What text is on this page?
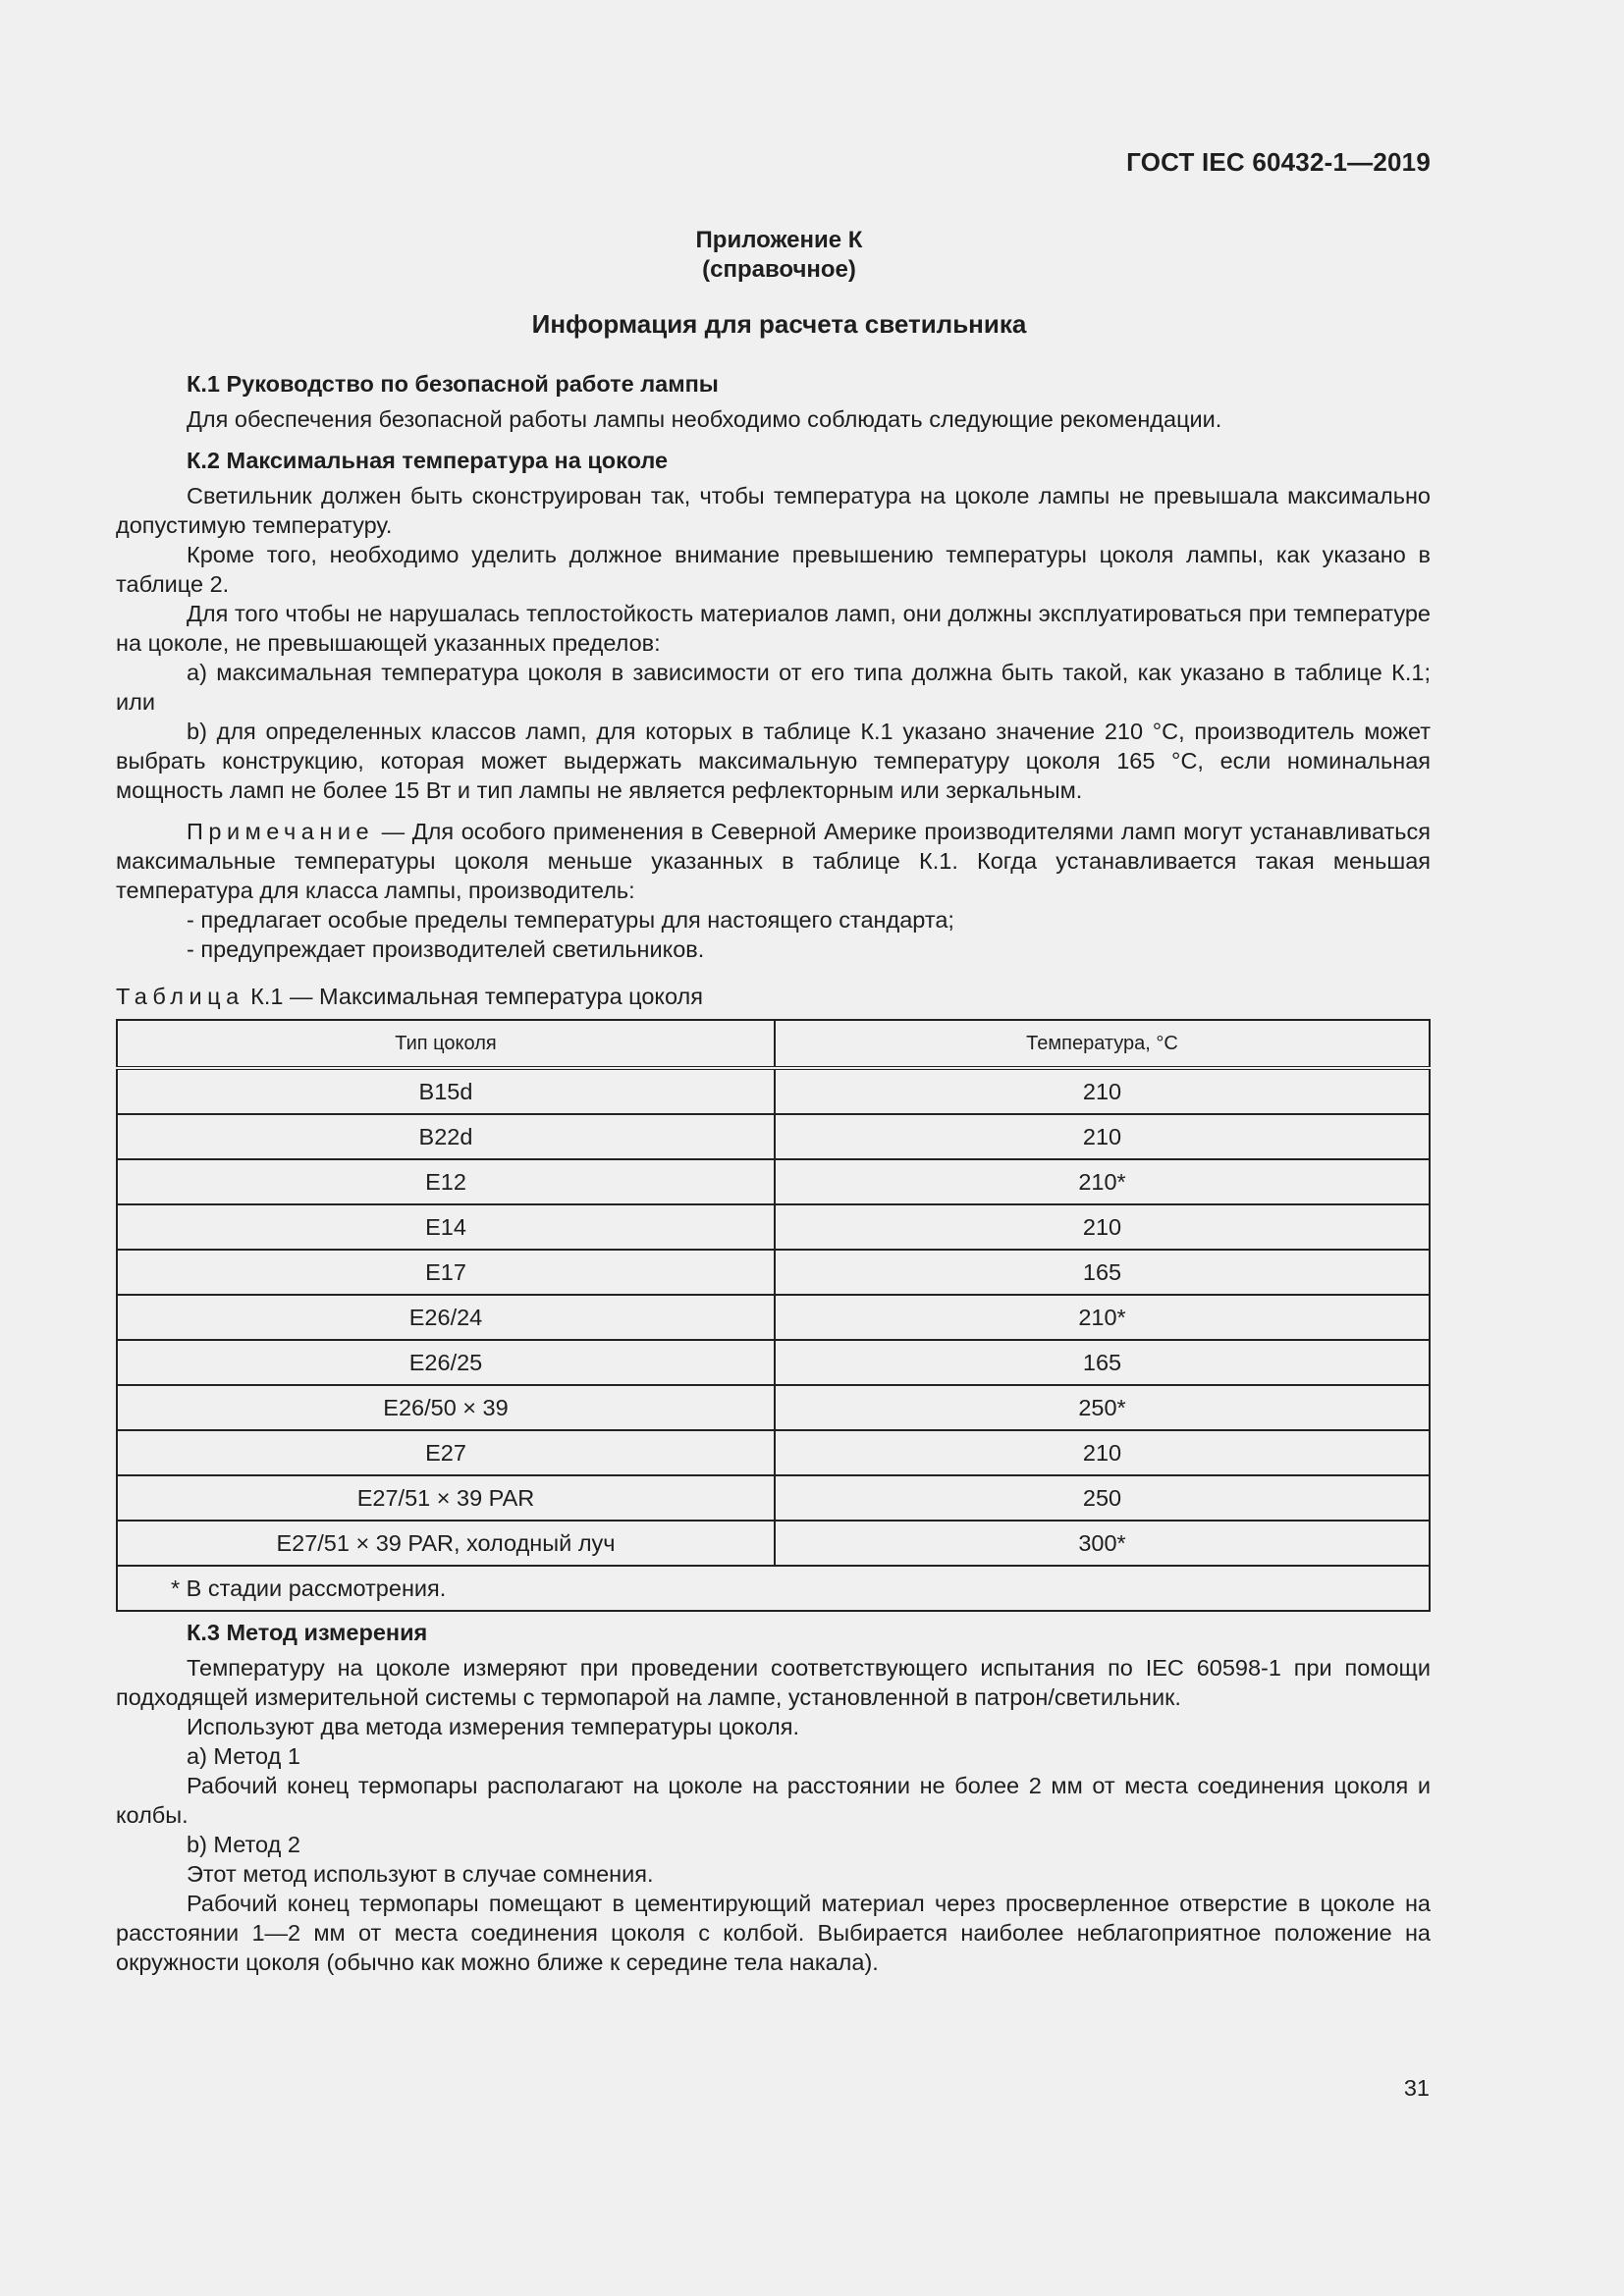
ГОСТ IEC 60432-1—2019
Приложение К
(справочное)
Информация для расчета светильника

К.1 Руководство по безопасной работе лампы

Для обеспечения безопасной работы лампы необходимо соблюдать следующие рекомендации.

К.2 Максимальная температура на цоколе

Светильник должен быть сконструирован так, чтобы температура на цоколе лампы не превышала максимально допустимую температуру.

Кроме того, необходимо уделить должное внимание превышению температуры цоколя лампы, как указано в таблице 2.

Для того чтобы не нарушалась теплостойкость материалов ламп, они должны эксплуатироваться при температуре на цоколе, не превышающей указанных пределов:

a) максимальная температура цоколя в зависимости от его типа должна быть такой, как указано в таблице К.1; или

b) для определенных классов ламп, для которых в таблице К.1 указано значение 210 °С, производитель может выбрать конструкцию, которая может выдержать максимальную температуру цоколя 165 °С, если номинальная мощность ламп не более 15 Вт и тип лампы не является рефлекторным или зеркальным.

Примечание — Для особого применения в Северной Америке производителями ламп могут устанавливаться максимальные температуры цоколя меньше указанных в таблице К.1. Когда устанавливается такая меньшая температура для класса лампы, производитель:

- предлагает особые пределы температуры для настоящего стандарта;

- предупреждает производителей светильников.

Таблица К.1 — Максимальная температура цоколя

Тип цоколя	Температура, °С
B15d	210
B22d	210
E12	210*
E14	210
E17	165
E26/24	210*
E26/25	165
E26/50 × 39	250*
E27	210
E27/51 × 39 PAR	250
E27/51 × 39 PAR, холодный луч	300*
* В стадии рассмотрения.	

К.3 Метод измерения

Температуру на цоколе измеряют при проведении соответствующего испытания по IEC 60598-1 при помощи подходящей измерительной системы с термопарой на лампе, установленной в патрон/светильник.

Используют два метода измерения температуры цоколя.

a) Метод 1

Рабочий конец термопары располагают на цоколе на расстоянии не более 2 мм от места соединения цоколя и колбы.

b) Метод 2

Этот метод используют в случае сомнения.

Рабочий конец термопары помещают в цементирующий материал через просверленное отверстие в цоколе на расстоянии 1—2 мм от места соединения цоколя с колбой. Выбирается наиболее неблагоприятное положение на окружности цоколя (обычно как можно ближе к середине тела накала).

31
